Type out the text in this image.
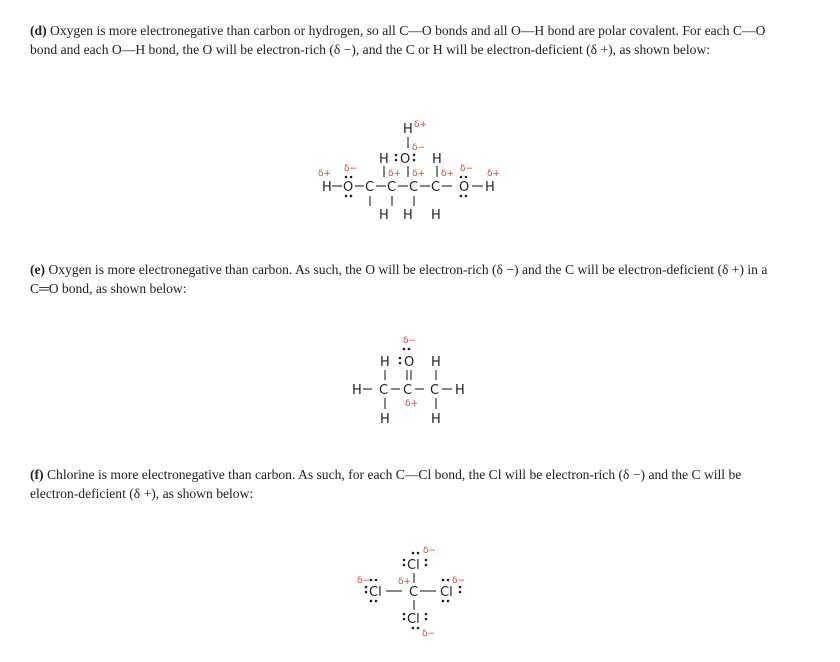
(d) Oxygen is more electronegative than carbon or hydrogen, so all C—O bonds and all O—H bond are polar covalent. For each C—O bond and each O—H bond, the O will be electron-rich (δ −), and the C or H will be electron-deficient (δ +), as shown below:
(e) Oxygen is more electronegative than carbon. As such, the O will be electron-rich (δ −) and the C will be electron-deficient (δ +) in a C═O bond, as shown below:
(f) Chlorine is more electronegative than carbon. As such, for each C—Cl bond, the Cl will be electron-rich (δ −) and the C will be electron-deficient (δ +), as shown below:
H δ+
δ−
H O H
δ+ δ−	δ+ δ+ δ+ δ− δ+
H O C C C C O H
H H H
δ−
H O H
H C C C H
δ+
H	H
δ−
Cl
δ−
Cl
δ+
C
δ−
Cl
Cl
δ−
